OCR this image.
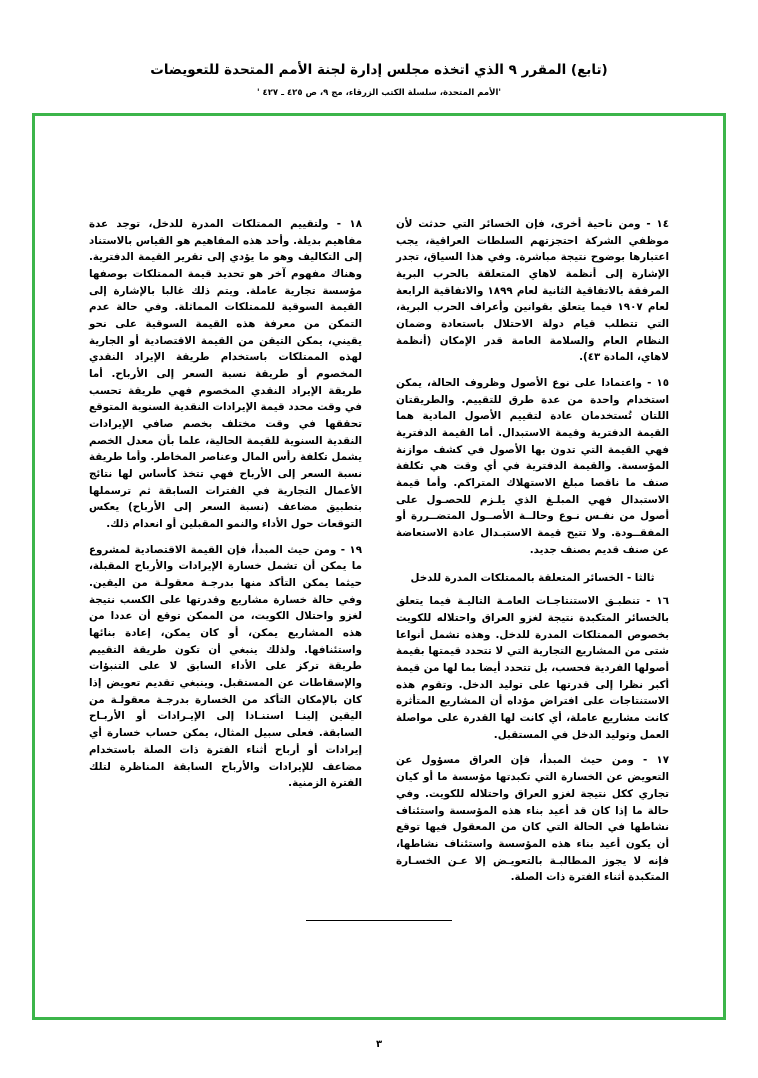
(تابع) المقرر ٩ الذي اتخذه مجلس إدارة لجنة الأمم المتحدة للتعويضات
'الأمم المتحدة، سلسلة الكتب الزرقاء، مج ٩، ص ٤٢٥ ـ ٤٢٧ '

١٤ - ومن ناحية أخرى، فإن الخسائر التي حدثت لأن موظفي الشركة احتجزتهم السلطات العراقية، يجب اعتبارها بوضوح نتيجة مباشرة. وفي هذا السياق، تجدر الإشارة إلى أنظمة لاهاي المتعلقة بالحرب البرية المرفقة بالاتفاقية الثانية لعام ١٨٩٩ والاتفاقية الرابعة لعام ١٩٠٧ فيما يتعلق بقوانين وأعراف الحرب البرية، التي تتطلب قيام دولة الاحتلال باستعادة وضمان النظام العام والسلامة العامة قدر الإمكان (أنظمة لاهاي، المادة ٤٣).

١٥ - واعتمادا على نوع الأصول وظروف الحالة، يمكن استخدام واحدة من عدة طرق للتقييم. والطريقتان اللتان تُستخدمان عادة لتقييم الأصول المادية هما القيمة الدفترية وقيمة الاستبدال. أما القيمة الدفترية فهي القيمة التي تدون بها الأصول في كشف موازنة المؤسسة. والقيمة الدفترية في أي وقت هي تكلفة صنف ما ناقصا مبلغ الاستهلاك المتراكم. وأما قيمة الاستبدال فهي المبلـغ الذي يلـزم للحصـول على أصول من نفـس نـوع وحالــة الأصــول المتضــررة أو المفقــودة. ولا تتيح قيمة الاستبـدال عادة الاستعاضة عن صنف قديم بصنف جديد.

ثالثا - الخسائر المتعلقة بالممتلكات المدرة للدخل

١٦ - تنطبـق الاستنتاجـات العامـة التاليـة فيما يتعلق بالخسائر المتكبدة نتيجة لغزو العراق واحتلاله للكويت بخصوص الممتلكات المدرة للدخل. وهذه تشمل أنواعا شتى من المشاريع التجارية التي لا تتحدد قيمتها بقيمة أصولها الفردية فحسب، بل تتحدد أيضا بما لها من قيمة أكبر نظرا إلى قدرتها على توليد الدخل. وتقوم هذه الاستنتاجات على افتراض مؤداه أن المشاريع المتأثرة كانت مشاريع عاملة، أي كانت لها القدرة على مواصلة العمل وتوليد الدخل في المستقبل.

١٧ - ومن حيث المبدأ، فإن العراق مسؤول عن التعويض عن الخسارة التي تكبدتها مؤسسة ما أو كيان تجاري ككل نتيجة لغزو العراق واحتلاله للكويت. وفي حالة ما إذا كان قد أعيد بناء هذه المؤسسة واستئناف نشاطها في الحالة التي كان من المعقول فيها توقع أن يكون أعيد بناء هذه المؤسسة واستئناف نشاطها، فإنه لا يجوز المطالبـة بالتعويـض إلا عـن الخسـارة المتكبدة أثناء الفترة ذات الصلة.

١٨ - ولتقييم الممتلكات المدرة للدخل، توجد عدة مفاهيم بديلة. وأحد هذه المفاهيم هو القياس بالاستناد إلى التكاليف وهو ما يؤدي إلى تقرير القيمة الدفترية. وهناك مفهوم آخر هو تحديد قيمة الممتلكات بوصفها مؤسسة تجارية عاملة. ويتم ذلك غالبا بالإشارة إلى القيمة السوقية للممتلكات المماثلة. وفي حالة عدم التمكن من معرفة هذه القيمة السوقية على نحو يقيني، يمكن التيقن من القيمة الاقتصادية أو الجارية لهذه الممتلكات باستخدام طريقة الإيراد النقدي المخصوم أو طريقة نسبة السعر إلى الأرباح. أما طريقة الإيراد النقدي المخصوم فهي طريقة تحسب في وقت محدد قيمة الإيرادات النقدية السنوية المتوقع تحققها في وقت مختلف بخصم صافي الإيرادات النقدية السنوية للقيمة الحالية، علما بأن معدل الخصم يشمل تكلفة رأس المال وعناصر المخاطر. وأما طريقة نسبة السعر إلى الأرباح فهي تتخذ كأساس لها نتائج الأعمال التجارية في الفترات السابقة ثم ترسملها بتطبيق مضاعف (نسبة السعر إلى الأرباح) يعكس التوقعات حول الأداء والنمو المقبلين أو انعدام ذلك.

١٩ - ومن حيث المبدأ، فإن القيمة الاقتصادية لمشروع ما يمكن أن تشمل خسارة الإيرادات والأرباح المقبلة، حيثما يمكن التأكد منها بدرجـة معقولـة من اليقين. وفي حالة خسارة مشاريع وقدرتها على الكسب نتيجة لغزو واحتلال الكويت، من الممكن توقع أن عددا من هذه المشاريع يمكن، أو كان يمكن، إعادة بنائها واستئنافها. ولذلك ينبغي أن تكون طريقة التقييم طريقة تركز على الأداء السابق لا على التنبؤات والإسقاطات عن المستقبل. وينبغي تقديم تعويض إذا كان بالإمكان التأكد من الخسارة بدرجـة معقولـة من اليقين إلينـا استنـادا إلى الإيـرادات أو الأربـاح السابقة. فعلى سبيل المثال، يمكن حساب خسارة أي إيرادات أو أرباح أثناء الفترة ذات الصلة باستخدام مضاعف للإيرادات والأرباح السابقة المناظرة لتلك الفترة الزمنية.

٣
